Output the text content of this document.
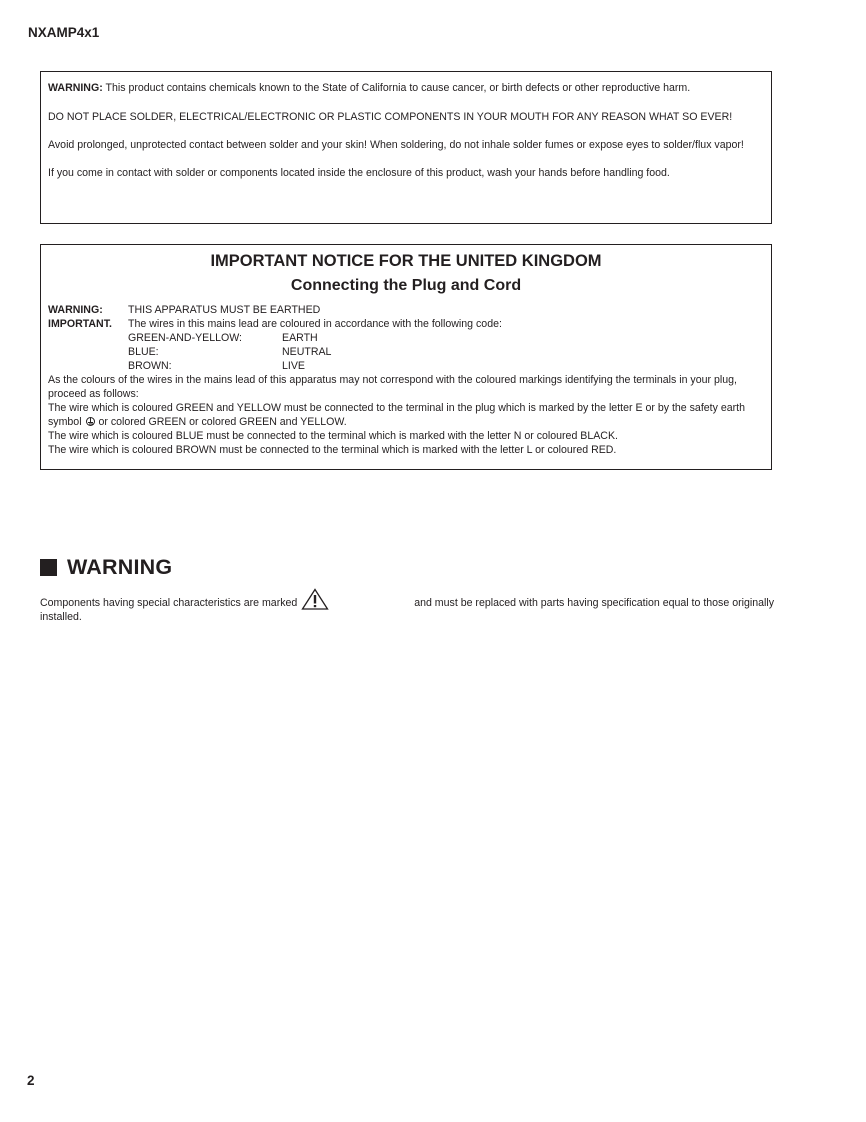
NXAMP4x1

WARNING: This product contains chemicals known to the State of California to cause cancer, or birth defects or other reproductive harm.

DO NOT PLACE SOLDER, ELECTRICAL/ELECTRONIC OR PLASTIC COMPONENTS IN YOUR MOUTH FOR ANY REASON WHAT SO EVER!

Avoid prolonged, unprotected contact between solder and your skin! When soldering, do not inhale solder fumes or expose eyes to solder/flux vapor!

If you come in contact with solder or components located inside the enclosure of this product, wash your hands before handling food.

IMPORTANT NOTICE FOR THE UNITED KINGDOM
Connecting the Plug and Cord
WARNING:	THIS APPARATUS MUST BE EARTHED
IMPORTANT.	The wires in this mains lead are coloured in accordance with the following code:
GREEN-AND-YELLOW:	EARTH
BLUE:	NEUTRAL
BROWN:	LIVE

As the colours of the wires in the mains lead of this apparatus may not correspond with the coloured markings identifying the terminals in your plug, proceed as follows:

The wire which is coloured GREEN and YELLOW must be connected to the terminal in the plug which is marked by the letter E or by the safety earth symbol  or colored GREEN or colored GREEN and YELLOW.

The wire which is coloured BLUE must be connected to the terminal which is marked with the letter N or coloured BLACK.

The wire which is coloured BROWN must be connected to the terminal which is marked with the letter L or coloured RED.

WARNING
Components having special characteristics are marked	and must be replaced with parts having specification equal to those originally
installed.
2
